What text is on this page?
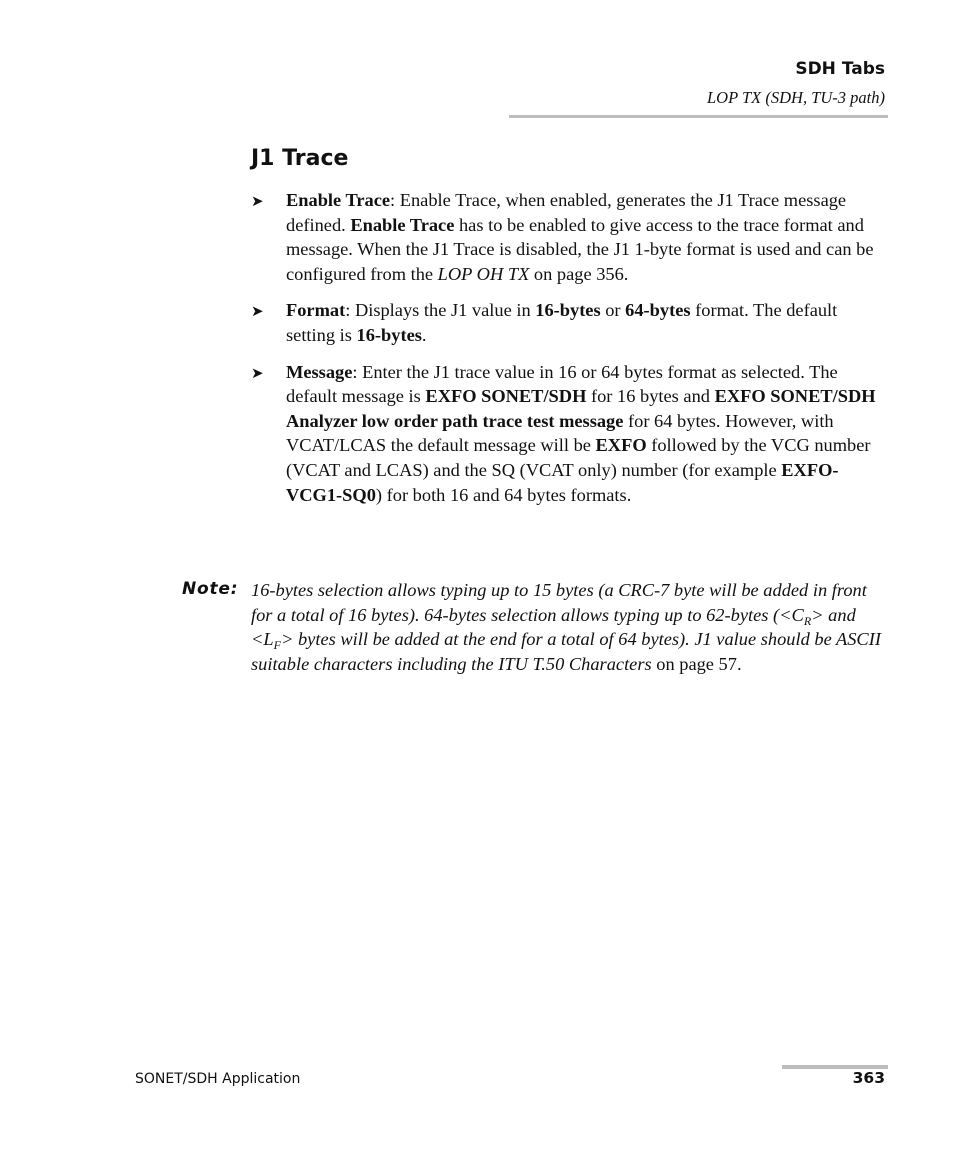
SDH Tabs
LOP TX (SDH, TU-3 path)
J1 Trace
➤ Enable Trace: Enable Trace, when enabled, generates the J1 Trace message defined. Enable Trace has to be enabled to give access to the trace format and message. When the J1 Trace is disabled, the J1 1-byte format is used and can be configured from the LOP OH TX on page 356.
➤ Format: Displays the J1 value in 16-bytes or 64-bytes format. The default setting is 16-bytes.
➤ Message: Enter the J1 trace value in 16 or 64 bytes format as selected. The default message is EXFO SONET/SDH for 16 bytes and EXFO SONET/SDH Analyzer low order path trace test message for 64 bytes. However, with VCAT/LCAS the default message will be EXFO followed by the VCG number (VCAT and LCAS) and the SQ (VCAT only) number (for example EXFO-VCG1-SQ0) for both 16 and 64 bytes formats.
Note: 16-bytes selection allows typing up to 15 bytes (a CRC-7 byte will be added in front for a total of 16 bytes). 64-bytes selection allows typing up to 62-bytes ($<C_R>$ and $<L_F>$ bytes will be added at the end for a total of 64 bytes). J1 value should be ASCII suitable characters including the ITU T.50 Characters on page 57.

SONET/SDH Application	363
